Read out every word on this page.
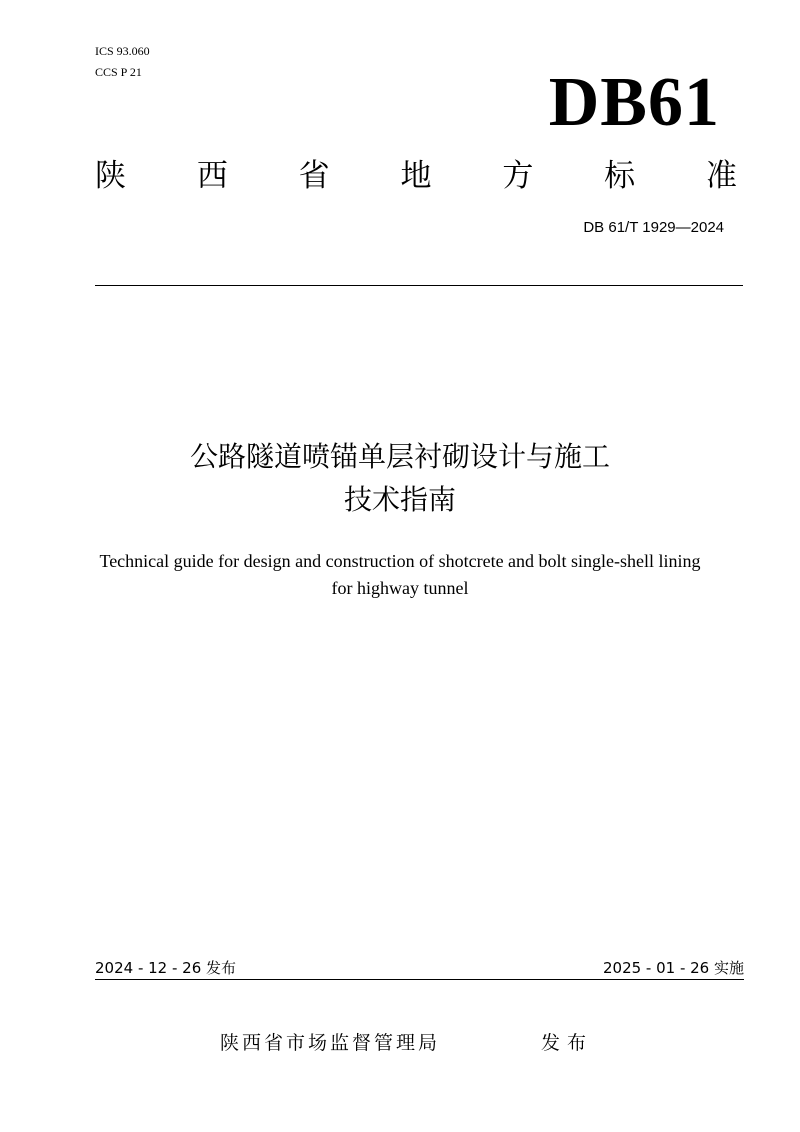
ICS 93.060
CCS P 21	DB61
陕 西 省 地 方 标 准
DB 61/T 1929—2024
公路隧道喷锚单层衬砌设计与施工
技术指南
Technical guide for design and construction of shotcrete and bolt single-shell lining
for highway tunnel
2024 - 12 - 26 发布	2025 - 01 - 26 实施
陕西省市场监督管理局	发布
